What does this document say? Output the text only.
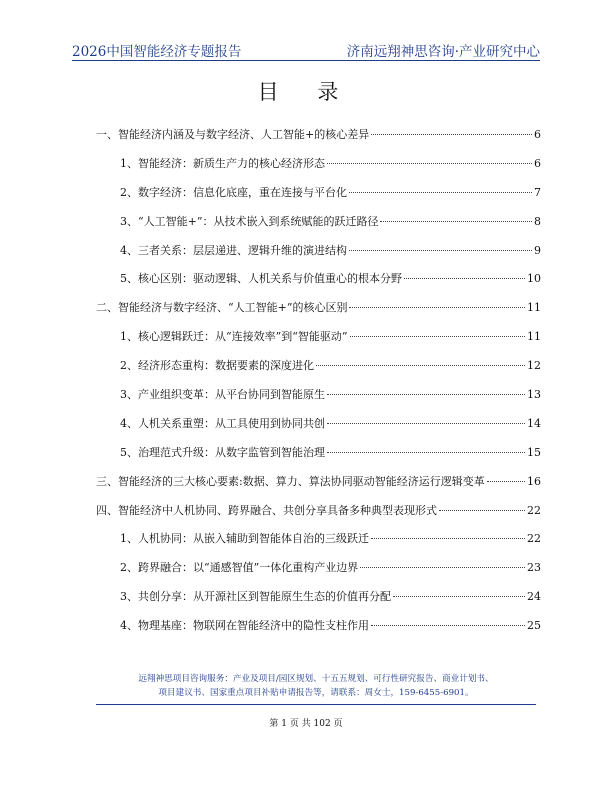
2026中国智能经济专题报告	济南远翔神思咨询·产业研究中心
目 录
一、智能经济内涵及与数字经济、人工智能+的核心差异	6
1、智能经济：新质生产力的核心经济形态	6
2、数字经济：信息化底座，重在连接与平台化	7
3、“人工智能+”：从技术嵌入到系统赋能的跃迁路径	8
4、三者关系：层层递进、逻辑升维的演进结构	9
5、核心区别：驱动逻辑、人机关系与价值重心的根本分野	10
二、智能经济与数字经济、“人工智能+”的核心区别	11
1、核心逻辑跃迁：从“连接效率”到“智能驱动”	11
2、经济形态重构：数据要素的深度进化	12
3、产业组织变革：从平台协同到智能原生	13
4、人机关系重塑：从工具使用到协同共创	14
5、治理范式升级：从数字监管到智能治理	15
三、智能经济的三大核心要素:数据、算力、算法协同驱动智能经济运行逻辑变革	16
四、智能经济中人机协同、跨界融合、共创分享具备多种典型表现形式	22
1、人机协同：从嵌入辅助到智能体自治的三级跃迁	22
2、跨界融合：以“通感智值”一体化重构产业边界	23
3、共创分享：从开源社区到智能原生生态的价值再分配	24
4、物理基座：物联网在智能经济中的隐性支柱作用	25
远翔神思项目咨询服务：产业及项目/园区规划、十五五规划、可行性研究报告、商业计划书、
项目建议书、国家重点项目补贴申请报告等，请联系：周女士，159-6455-6901。
第 1 页 共 102 页
